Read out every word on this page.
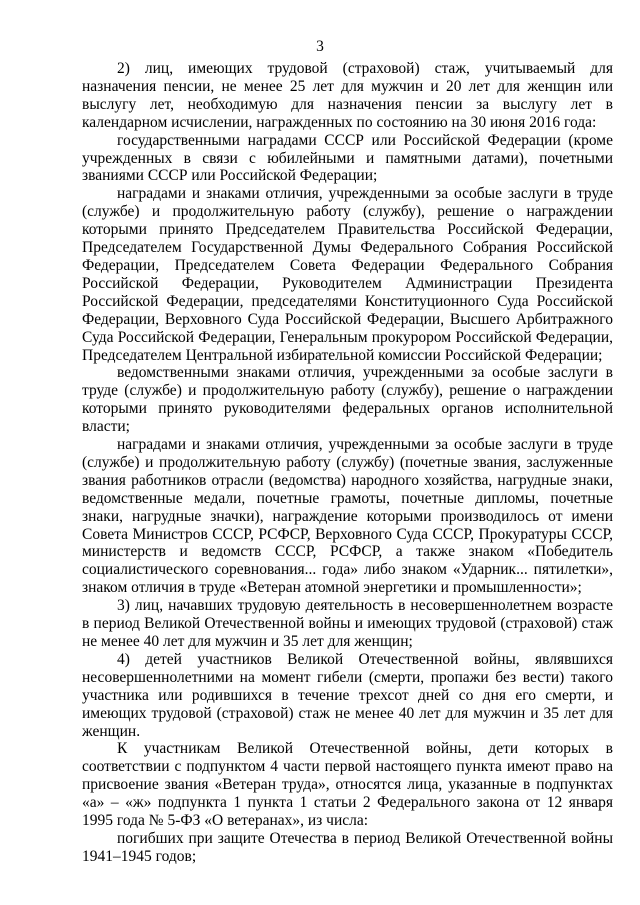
3

2) лиц, имеющих трудовой (страховой) стаж, учитываемый для назначения пенсии, не менее 25 лет для мужчин и 20 лет для женщин или выслугу лет, необходимую для назначения пенсии за выслугу лет в календарном исчислении, награжденных по состоянию на 30 июня 2016 года:

государственными наградами СССР или Российской Федерации (кроме учрежденных в связи с юбилейными и памятными датами), почетными званиями СССР или Российской Федерации;

наградами и знаками отличия, учрежденными за особые заслуги в труде (службе) и продолжительную работу (службу), решение о награждении которыми принято Председателем Правительства Российской Федерации, Председателем Государственной Думы Федерального Собрания Российской Федерации, Председателем Совета Федерации Федерального Собрания Российской Федерации, Руководителем Администрации Президента Российской Федерации, председателями Конституционного Суда Российской Федерации, Верховного Суда Российской Федерации, Высшего Арбитражного Суда Российской Федерации, Генеральным прокурором Российской Федерации, Председателем Центральной избирательной комиссии Российской Федерации;

ведомственными знаками отличия, учрежденными за особые заслуги в труде (службе) и продолжительную работу (службу), решение о награждении которыми принято руководителями федеральных органов исполнительной власти;

наградами и знаками отличия, учрежденными за особые заслуги в труде (службе) и продолжительную работу (службу) (почетные звания, заслуженные звания работников отрасли (ведомства) народного хозяйства, нагрудные знаки, ведомственные медали, почетные грамоты, почетные дипломы, почетные знаки, нагрудные значки), награждение которыми производилось от имени Совета Министров СССР, РСФСР, Верховного Суда СССР, Прокуратуры СССР, министерств и ведомств СССР, РСФСР, а также знаком «Победитель социалистического соревнования... года» либо знаком «Ударник... пятилетки», знаком отличия в труде «Ветеран атомной энергетики и промышленности»;

3) лиц, начавших трудовую деятельность в несовершеннолетнем возрасте в период Великой Отечественной войны и имеющих трудовой (страховой) стаж не менее 40 лет для мужчин и 35 лет для женщин;

4) детей участников Великой Отечественной войны, являвшихся несовершеннолетними на момент гибели (смерти, пропажи без вести) такого участника или родившихся в течение трехсот дней со дня его смерти, и имеющих трудовой (страховой) стаж не менее 40 лет для мужчин и 35 лет для женщин.

К участникам Великой Отечественной войны, дети которых в соответствии с подпунктом 4 части первой настоящего пункта имеют право на присвоение звания «Ветеран труда», относятся лица, указанные в подпунктах «а» – «ж» подпункта 1 пункта 1 статьи 2 Федерального закона от 12 января 1995 года № 5-ФЗ «О ветеранах», из числа:

погибших при защите Отечества в период Великой Отечественной войны 1941–1945 годов;
